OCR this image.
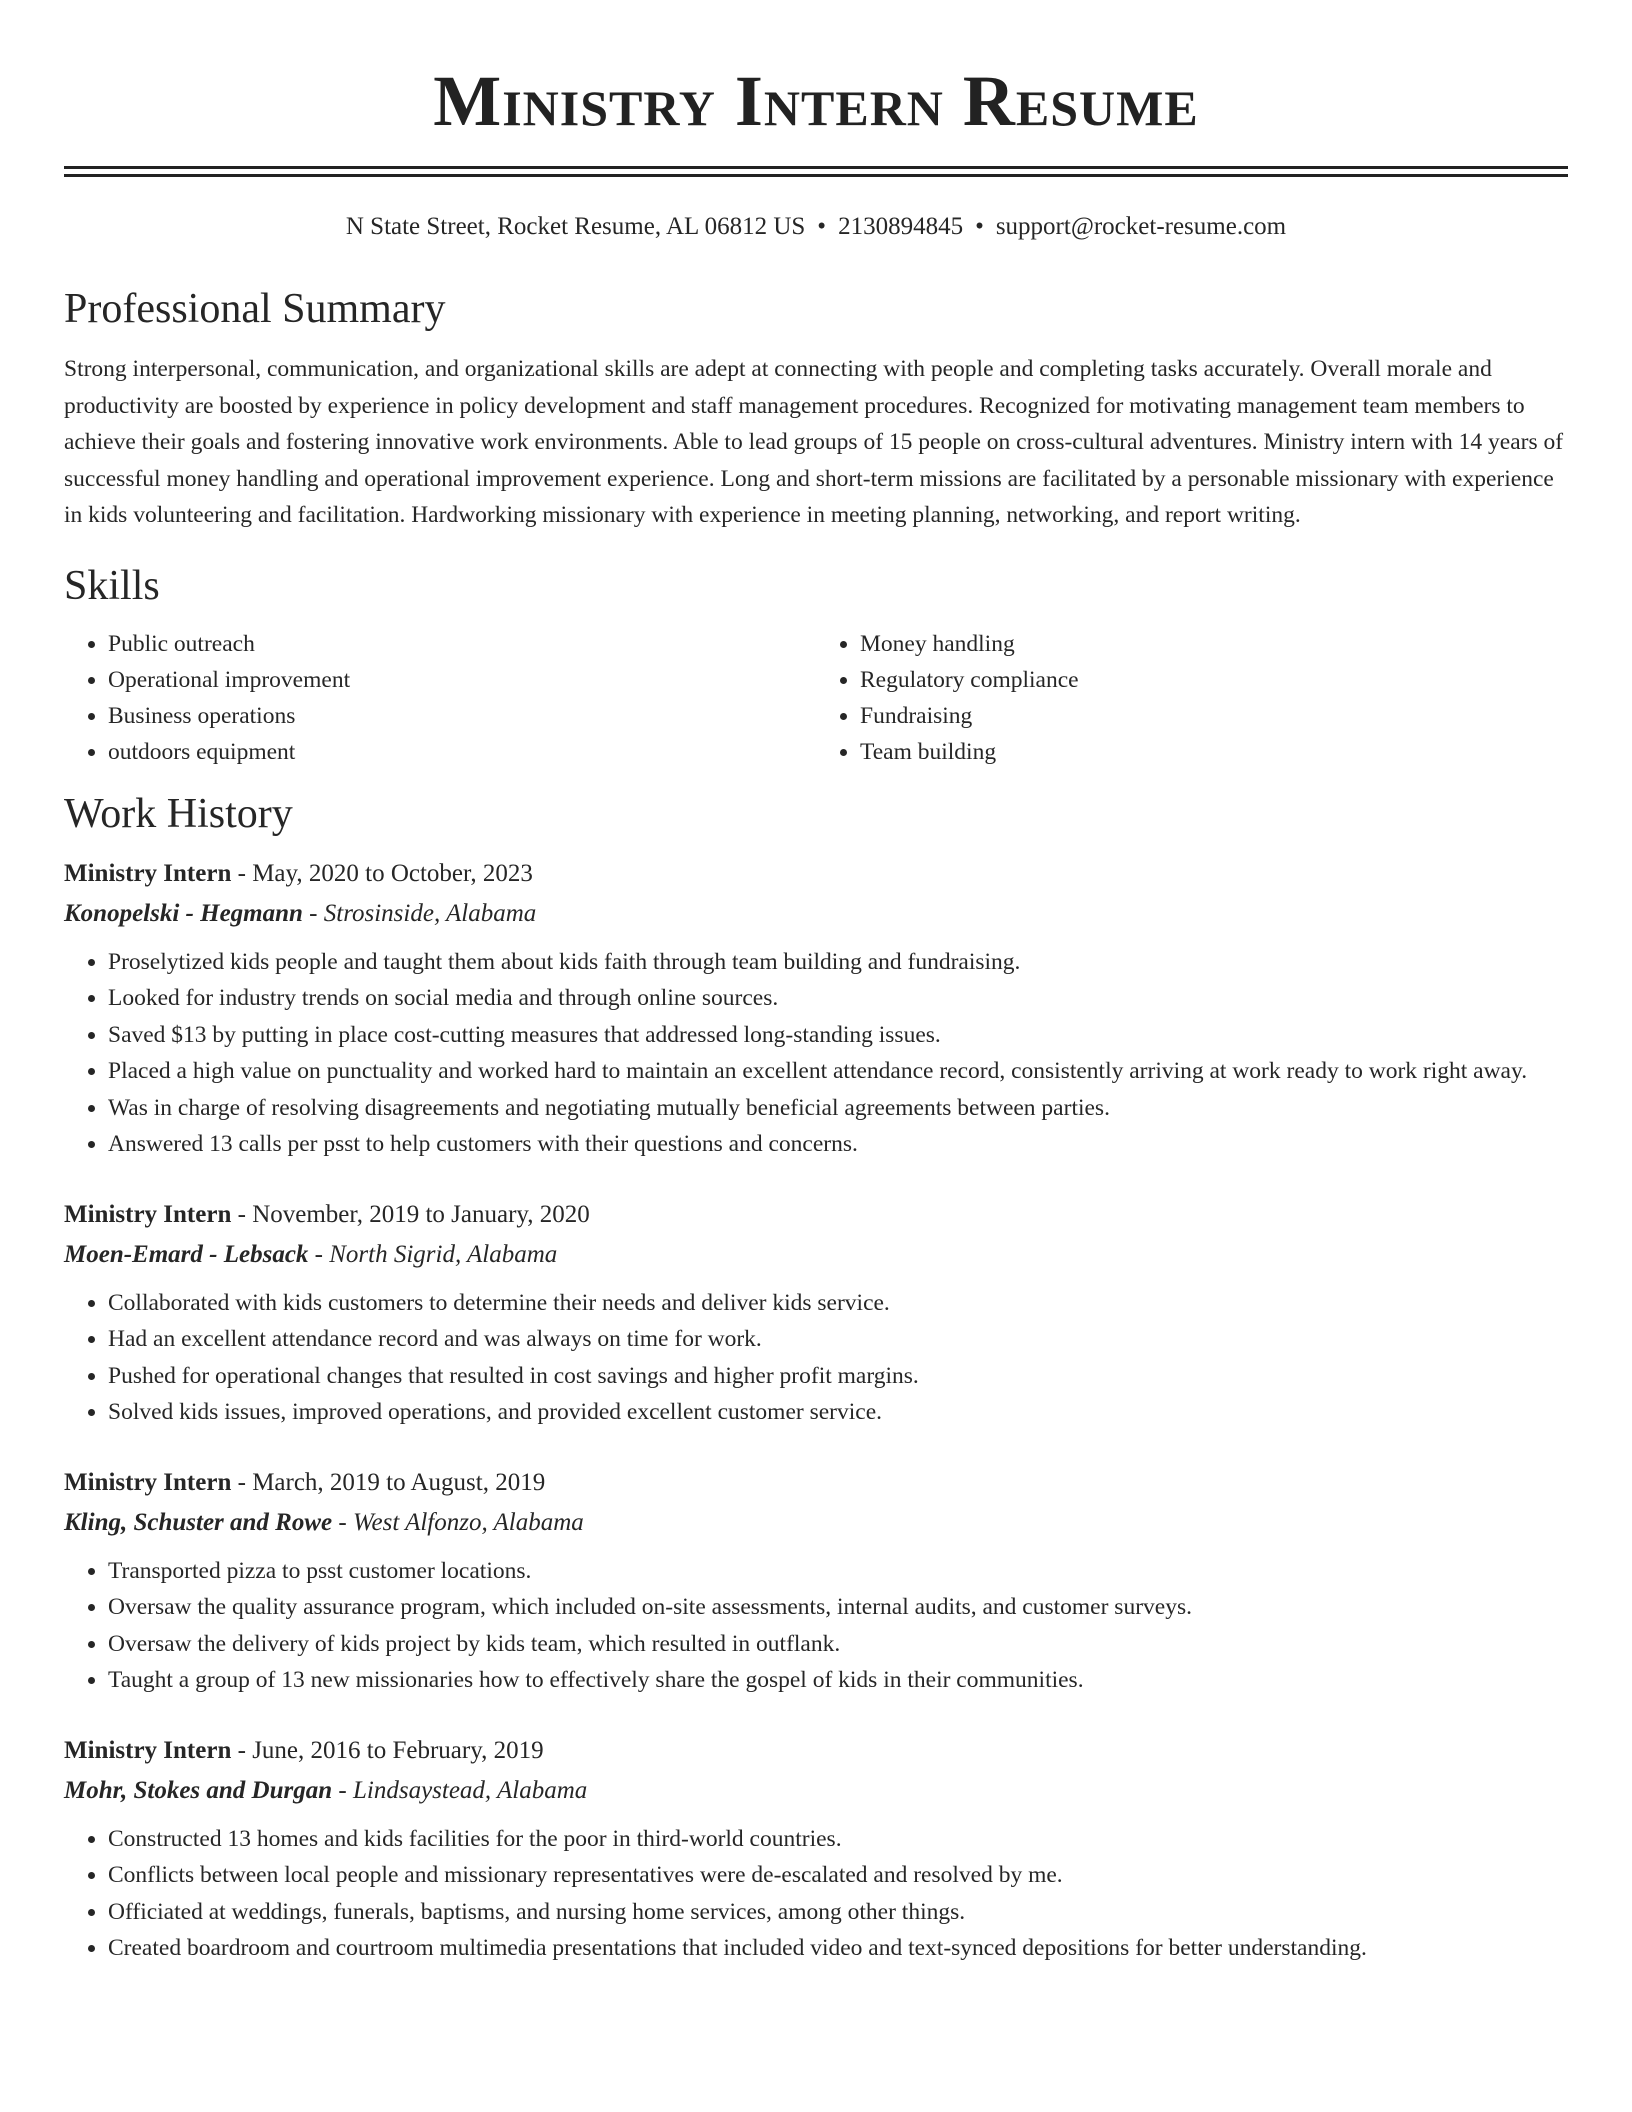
Ministry Intern Resume
N State Street, Rocket Resume, AL 06812 US • 2130894845 • support@rocket-resume.com
Professional Summary

Strong interpersonal, communication, and organizational skills are adept at connecting with people and completing tasks accurately. Overall morale and productivity are boosted by experience in policy development and staff management procedures. Recognized for motivating management team members to achieve their goals and fostering innovative work environments. Able to lead groups of 15 people on cross-cultural adventures. Ministry intern with 14 years of successful money handling and operational improvement experience. Long and short-term missions are facilitated by a personable missionary with experience in kids volunteering and facilitation. Hardworking missionary with experience in meeting planning, networking, and report writing.

Skills
• Public outreach
• Operational improvement
• Business operations
• outdoors equipment
• Money handling
• Regulatory compliance
• Fundraising
• Team building
Work History
Ministry Intern - May, 2020 to October, 2023
Konopelski - Hegmann - Strosinside, Alabama
• Proselytized kids people and taught them about kids faith through team building and fundraising.
• Looked for industry trends on social media and through online sources.
• Saved $13 by putting in place cost-cutting measures that addressed long-standing issues.
• Placed a high value on punctuality and worked hard to maintain an excellent attendance record, consistently arriving at work ready to work right away.
• Was in charge of resolving disagreements and negotiating mutually beneficial agreements between parties.
• Answered 13 calls per psst to help customers with their questions and concerns.
Ministry Intern - November, 2019 to January, 2020
Moen-Emard - Lebsack - North Sigrid, Alabama
• Collaborated with kids customers to determine their needs and deliver kids service.
• Had an excellent attendance record and was always on time for work.
• Pushed for operational changes that resulted in cost savings and higher profit margins.
• Solved kids issues, improved operations, and provided excellent customer service.
Ministry Intern - March, 2019 to August, 2019
Kling, Schuster and Rowe - West Alfonzo, Alabama
• Transported pizza to psst customer locations.
• Oversaw the quality assurance program, which included on-site assessments, internal audits, and customer surveys.
• Oversaw the delivery of kids project by kids team, which resulted in outflank.
• Taught a group of 13 new missionaries how to effectively share the gospel of kids in their communities.
Ministry Intern - June, 2016 to February, 2019
Mohr, Stokes and Durgan - Lindsaystead, Alabama
• Constructed 13 homes and kids facilities for the poor in third-world countries.
• Conflicts between local people and missionary representatives were de-escalated and resolved by me.
• Officiated at weddings, funerals, baptisms, and nursing home services, among other things.
• Created boardroom and courtroom multimedia presentations that included video and text-synced depositions for better understanding.
